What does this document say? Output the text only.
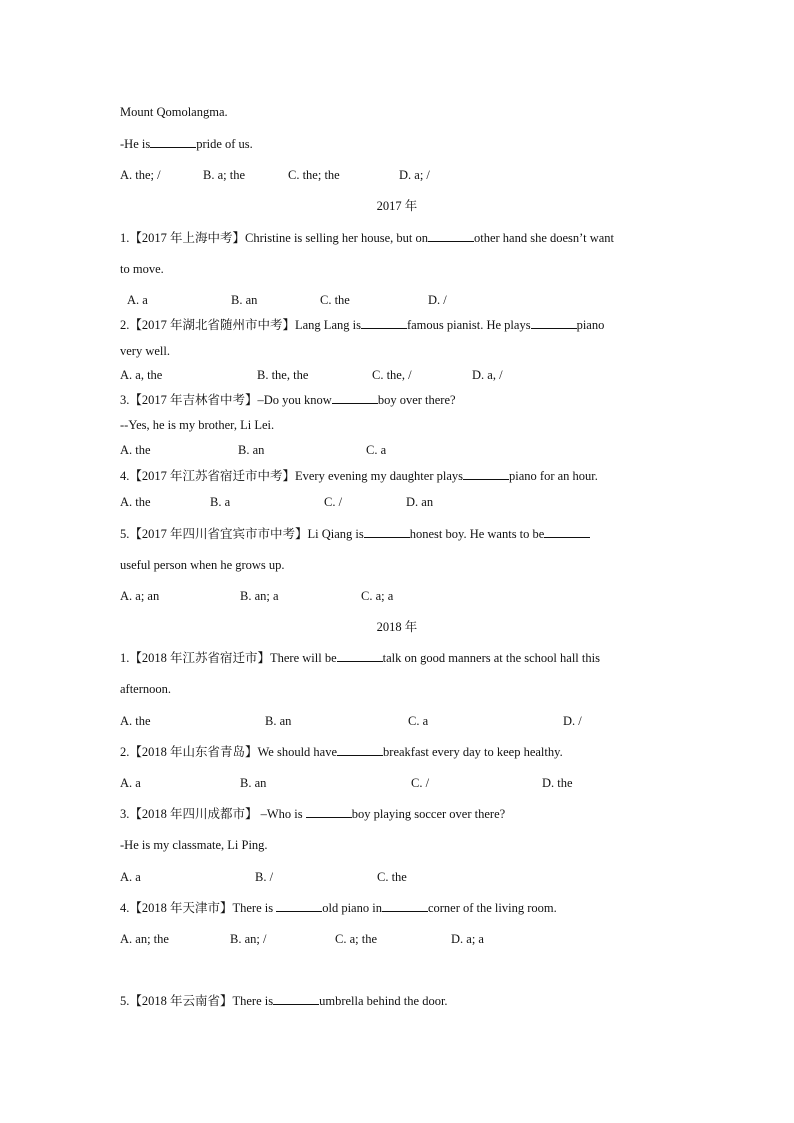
Mount Qomolangma.
-He is	pride of us.
A. the; /	B. a; the	C. the; the	D. a; /
2017 年
1.【2017 年上海中考】Christine is selling her house, but on	other hand she doesn’t want
to move.
A. a	B. an	C. the	D. /
2.【2017 年湖北省随州市中考】Lang Lang is	famous pianist. He plays	piano
very well.
A. a, the	B. the, the	C. the, /	D. a, /
3.【2017 年吉林省中考】–Do you know	boy over there?
--Yes, he is my brother, Li Lei.
A. the	B. an	C. a
4.【2017 年江苏省宿迁市中考】Every evening my daughter plays	piano for an hour.
A. the	B. a	C. /	D. an
5.【2017 年四川省宜宾市市中考】Li Qiang is	honest boy. He wants to be
useful person when he grows up.
A. a; an	B. an; a	C. a; a
2018 年
1.【2018 年江苏省宿迁市】There will be	talk on good manners at the school hall this
afternoon.
A. the	B. an	C. a	D. /
2.【2018 年山东省青岛】We should have	breakfast every day to keep healthy.
A. a	B. an	C. /	D. the
3.【2018 年四川成都市】 –Who is	boy playing soccer over there?
-He is my classmate, Li Ping.
A. a	B. /	C. the
4.【2018 年天津市】There is	old piano in	corner of the living room.
A. an; the	B. an; /	C. a; the	D. a; a
5.【2018 年云南省】There is	umbrella behind the door.
